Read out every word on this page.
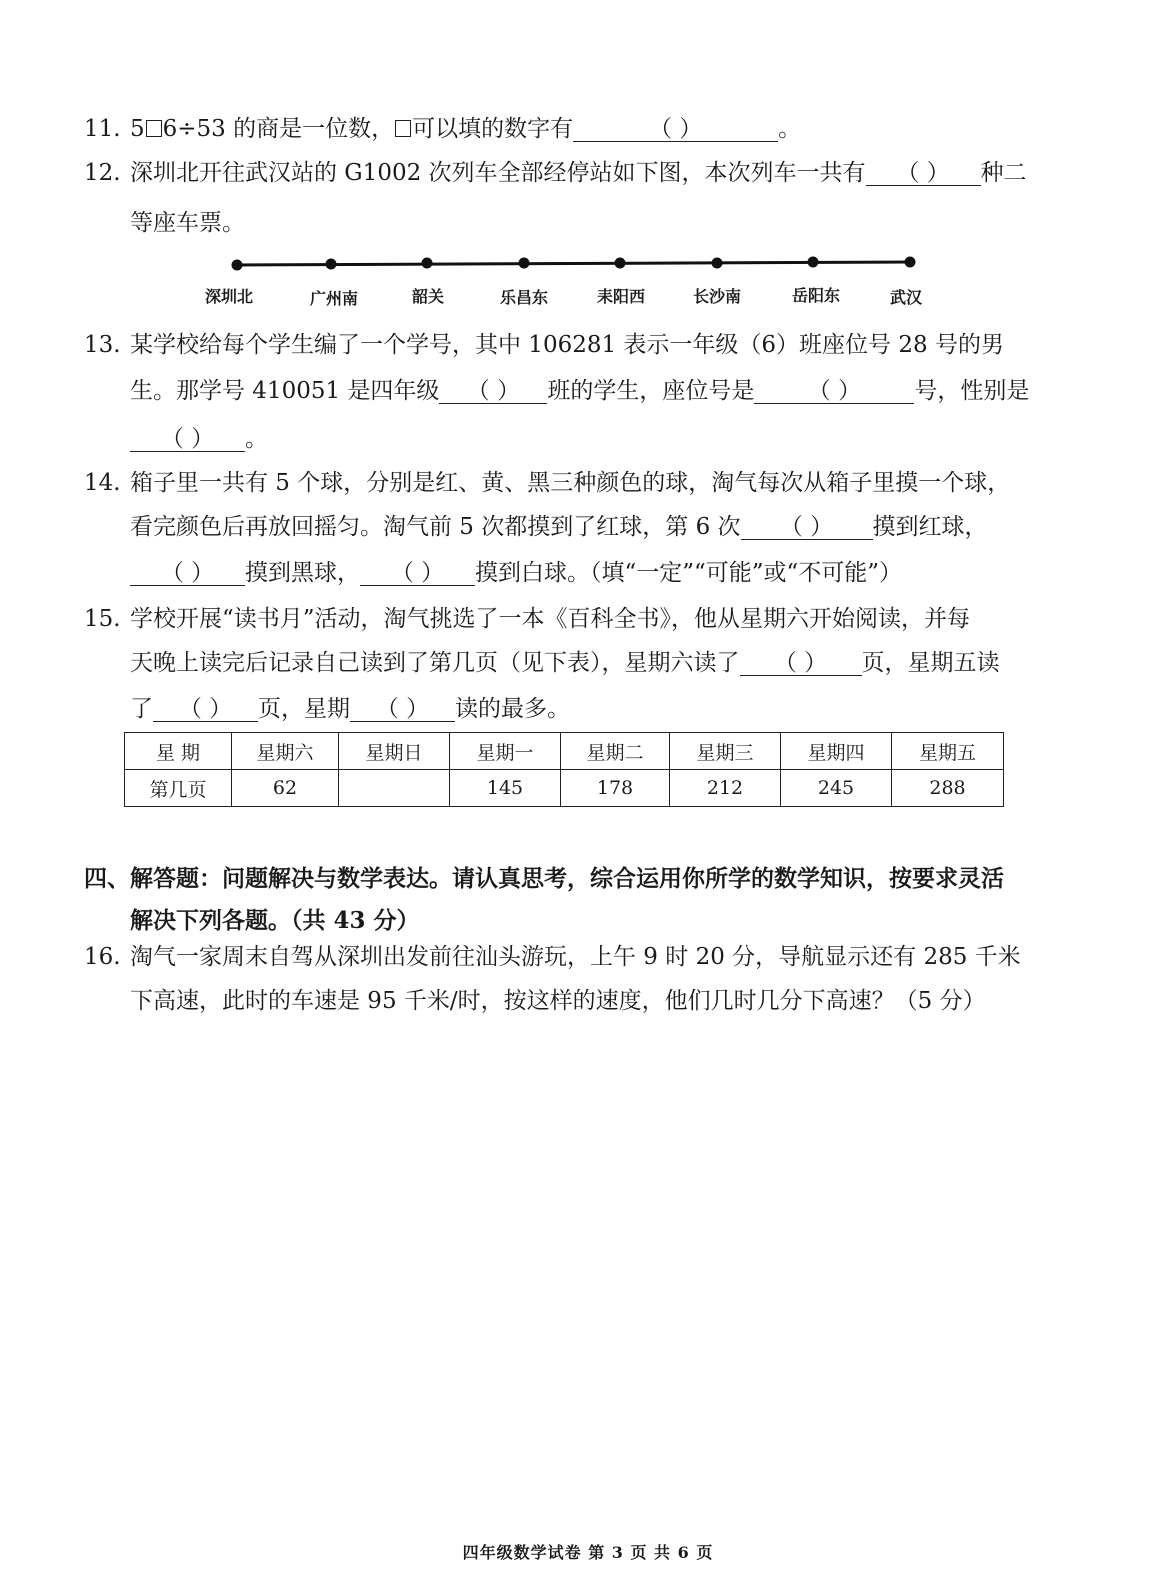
11. 5 6÷53 的商是一位数， 可以填的数字有	（ ）	。
12. 深圳北开往武汉站的 G1002 次列车全部经停站如下图，本次列车一共有 （ ） 种二
等座车票。
深圳北	广州南	韶关	乐昌东	耒阳西	长沙南	岳阳东	武汉
13. 某学校给每个学生编了一个学号，其中 106281 表示一年级（6）班座位号 28 号的男
生。那学号 410051 是四年级 （ ） 班的学生，座位号是 （ ） 号，性别是
（ ） 。
14. 箱子里一共有 5 个球，分别是红、黄、黑三种颜色的球，淘气每次从箱子里摸一个球，
看完颜色后再放回摇匀。淘气前 5 次都摸到了红球，第 6 次 （ ） 摸到红球，
（ ） 摸到黑球， （ ） 摸到白球。（填“一定”“可能”或“不可能”）
15. 学校开展“读书月”活动，淘气挑选了一本《百科全书》，他从星期六开始阅读，并每
天晚上读完后记录自己读到了第几页（见下表），星期六读了 （ ） 页，星期五读
了 （ ） 页，星期 （ ） 读的最多。
星 期	星期六	星期日	星期一	星期二	星期三	星期四	星期五
第几页	62		145	178	212	245	288
四、解答题：问题解决与数学表达。请认真思考，综合运用你所学的数学知识，按要求灵活
解决下列各题。（共 43 分）
16. 淘气一家周末自驾从深圳出发前往汕头游玩，上午 9 时 20 分，导航显示还有 285 千米
下高速，此时的车速是 95 千米/时，按这样的速度，他们几时几分下高速？（5 分）
四年级数学试卷 第 3 页 共 6 页
